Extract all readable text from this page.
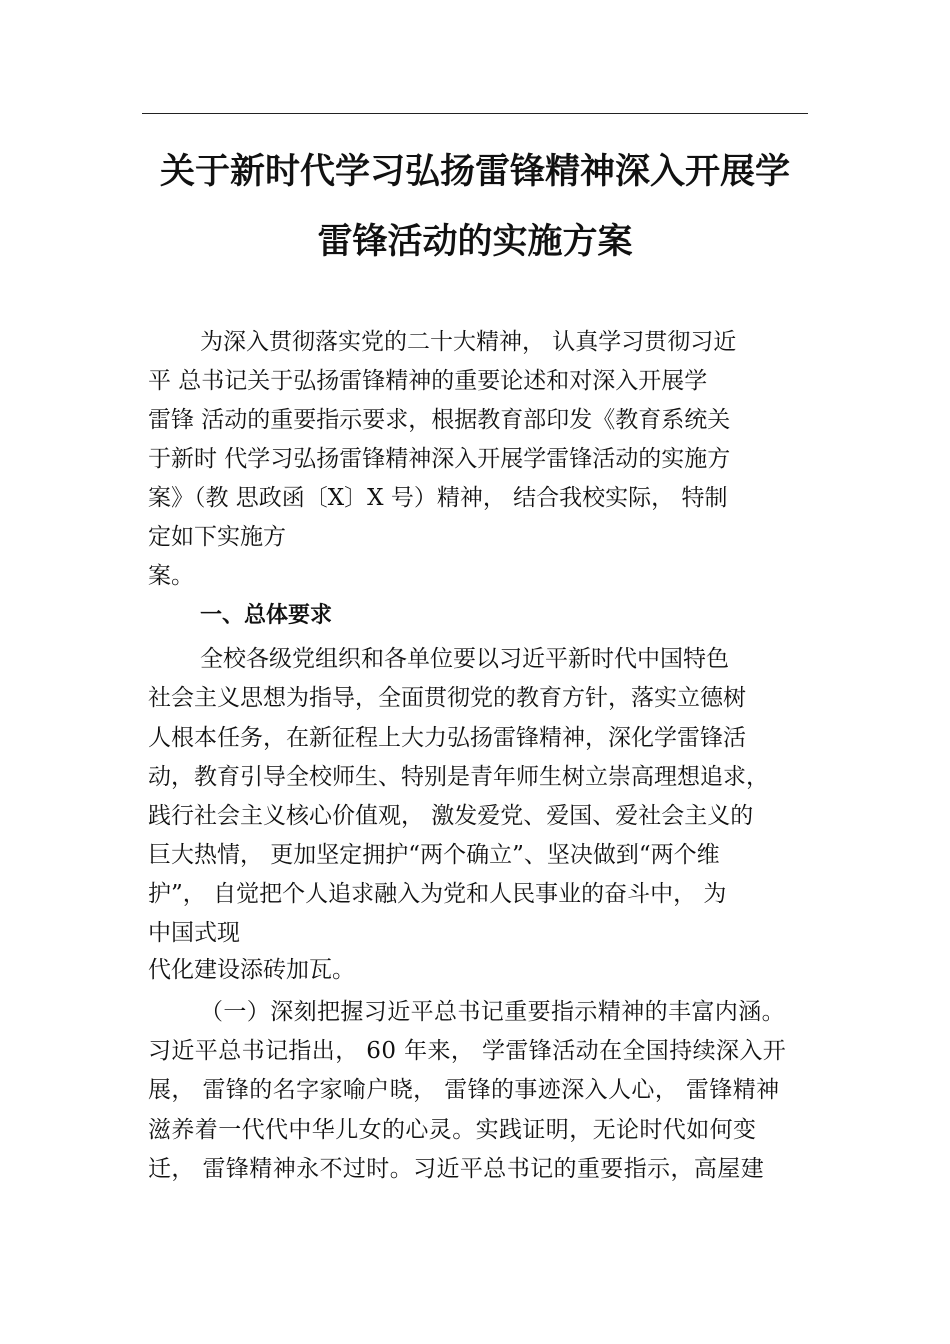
关于新时代学习弘扬雷锋精神深入开展学
雷锋活动的实施方案
为深入贯彻落实党的二十大精神， 认真学习贯彻习近
平 总书记关于弘扬雷锋精神的重要论述和对深入开展学
雷锋 活动的重要指示要求，根据教育部印发《教育系统关
于新时 代学习弘扬雷锋精神深入开展学雷锋活动的实施方
案》（教 思政函〔X〕X 号）精神， 结合我校实际， 特制
定如下实施方
案。
一、总体要求
全校各级党组织和各单位要以习近平新时代中国特色
社会主义思想为指导，全面贯彻党的教育方针，落实立德树
人根本任务，在新征程上大力弘扬雷锋精神，深化学雷锋活
动，教育引导全校师生、特别是青年师生树立崇高理想追求，
践行社会主义核心价值观， 激发爱党、爱国、爱社会主义的
巨大热情， 更加坚定拥护“两个确立”、坚决做到“两个维
护”， 自觉把个人追求融入为党和人民事业的奋斗中， 为
中国式现
代化建设添砖加瓦。
（一）深刻把握习近平总书记重要指示精神的丰富内涵。
习近平总书记指出， 60 年来， 学雷锋活动在全国持续深入开
展， 雷锋的名字家喻户晓， 雷锋的事迹深入人心， 雷锋精神
滋养着一代代中华儿女的心灵。实践证明，无论时代如何变
迁， 雷锋精神永不过时。习近平总书记的重要指示，高屋建
